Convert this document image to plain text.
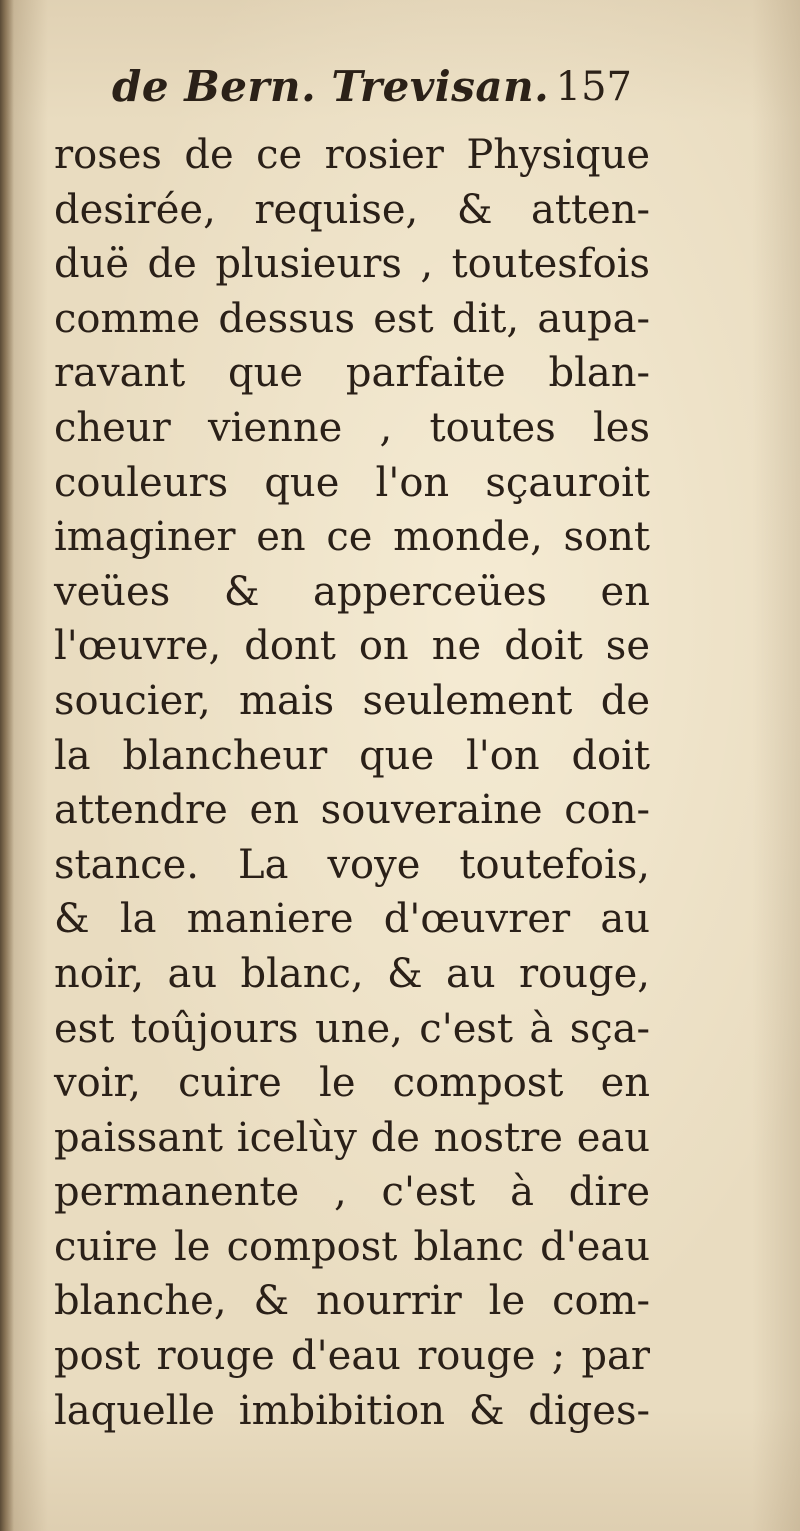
de Bern. Trevisan. 157
roses de ce rosier Physique
desirée, requise, & atten-
duë de plusieurs , toutesfois
comme dessus est dit, aupa-
ravant que parfaite blan-
cheur vienne , toutes les
couleurs que l'on sçauroit
imaginer en ce monde, sont
veües & apperceües en
l'œuvre, dont on ne doit se
soucier, mais seulement de
la blancheur que l'on doit
attendre en souveraine con-
stance. La voye toutefois,
& la maniere d'œuvrer au
noir, au blanc, & au rouge,
est toûjours une, c'est à sça-
voir, cuire le compost en
paissant icelùy de nostre eau
permanente , c'est à dire
cuire le compost blanc d'eau
blanche, & nourrir le com-
post rouge d'eau rouge ; par
laquelle imbibition & diges-
